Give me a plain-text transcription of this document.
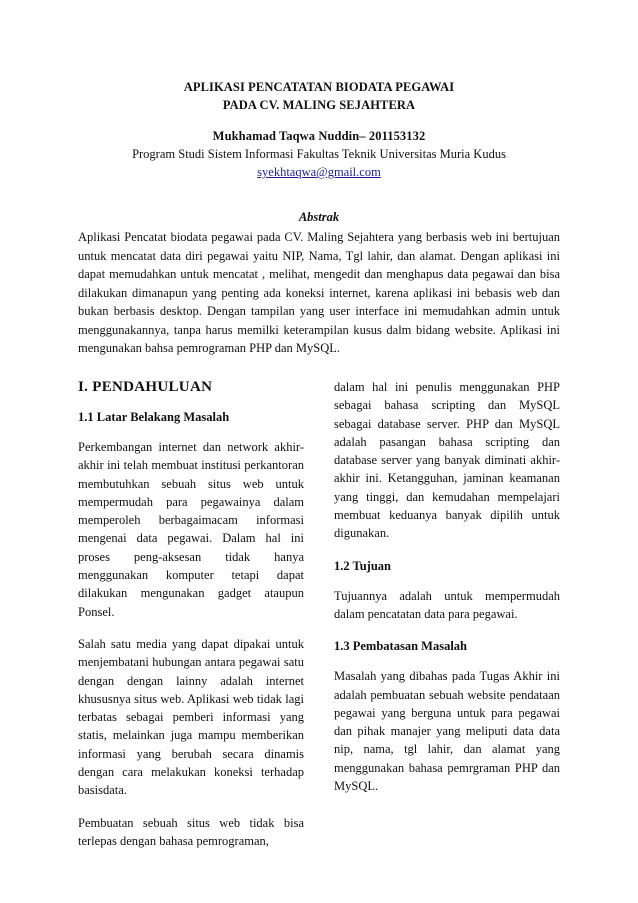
APLIKASI PENCATATAN BIODATA PEGAWAI
PADA CV. MALING SEJAHTERA
Mukhamad Taqwa Nuddin– 201153132
Program Studi Sistem Informasi Fakultas Teknik Universitas Muria Kudus
syekhtaqwa@gmail.com
Abstrak

Aplikasi Pencatat biodata pegawai pada CV. Maling Sejahtera yang berbasis web ini bertujuan untuk mencatat data diri pegawai yaitu NIP, Nama, Tgl lahir, dan alamat. Dengan aplikasi ini dapat memudahkan untuk mencatat , melihat, mengedit dan menghapus data pegawai dan bisa dilakukan dimanapun yang penting ada koneksi internet, karena aplikasi ini bebasis web dan bukan berbasis desktop. Dengan tampilan yang user interface ini memudahkan admin untuk menggunakannya, tanpa harus memilki keterampilan kusus dalm bidang website. Aplikasi ini mengunakan bahsa pemrograman PHP dan MySQL.

I. PENDAHULUAN
1.1 Latar Belakang Masalah

Perkembangan internet dan network akhir-akhir ini telah membuat institusi perkantoran membutuhkan sebuah situs web untuk mempermudah para pegawainya dalam memperoleh berbagaimacam informasi mengenai data pegawai. Dalam hal ini proses peng-aksesan tidak hanya menggunakan komputer tetapi dapat dilakukan mengunakan gadget ataupun Ponsel.

Salah satu media yang dapat dipakai untuk menjembatani hubungan antara pegawai satu dengan dengan lainny adalah internet khususnya situs web. Aplikasi web tidak lagi terbatas sebagai pemberi informasi yang statis, melainkan juga mampu memberikan informasi yang berubah secara dinamis dengan cara melakukan koneksi terhadap basisdata.

Pembuatan sebuah situs web tidak bisa terlepas dengan bahasa pemrograman,

dalam hal ini penulis menggunakan PHP sebagai bahasa scripting dan MySQL sebagai database server. PHP dan MySQL adalah pasangan bahasa scripting dan database server yang banyak diminati akhir-akhir ini. Ketangguhan, jaminan keamanan yang tinggi, dan kemudahan mempelajari membuat keduanya banyak dipilih untuk digunakan.

1.2 Tujuan

Tujuannya adalah untuk mempermudah dalam pencatatan data para pegawai.

1.3 Pembatasan Masalah

Masalah yang dibahas pada Tugas Akhir ini adalah pembuatan sebuah website pendataan pegawai yang berguna untuk para pegawai dan pihak manajer yang meliputi data data nip, nama, tgl lahir, dan alamat yang menggunakan bahasa pemrgraman PHP dan MySQL.
